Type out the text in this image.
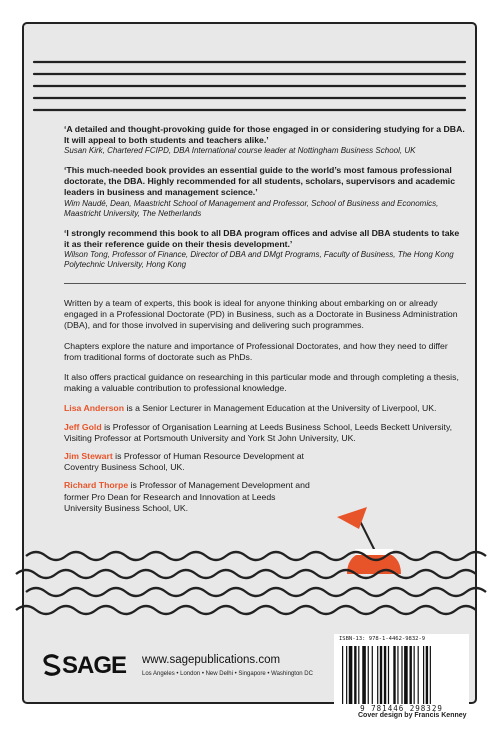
‘A detailed and thought-provoking guide for those engaged in or considering studying for a DBA. It will appeal to both students and teachers alike.’

Susan Kirk, Chartered FCIPD, DBA International course leader at Nottingham Business School, UK

‘This much-needed book provides an essential guide to the world’s most famous professional doctorate, the DBA. Highly recommended for all students, scholars, supervisors and academic leaders in business and management science.’

Wim Naudé, Dean, Maastricht School of Management and Professor, School of Business and Economics, Maastricht University, The Netherlands

‘I strongly recommend this book to all DBA program offices and advise all DBA students to take it as their reference guide on their thesis development.’

Wilson Tong, Professor of Finance, Director of DBA and DMgt Programs, Faculty of Business, The Hong Kong Polytechnic University, Hong Kong

Written by a team of experts, this book is ideal for anyone thinking about embarking on or already engaged in a Professional Doctorate (PD) in Business, such as a Doctorate in Business Administration (DBA), and for those involved in supervising and delivering such programmes.

Chapters explore the nature and importance of Professional Doctorates, and how they need to differ from traditional forms of doctorate such as PhDs.

It also offers practical guidance on researching in this particular mode and through completing a thesis, making a valuable contribution to professional knowledge.

Lisa Anderson is a Senior Lecturer in Management Education at the University of Liverpool, UK.

Jeff Gold is Professor of Organisation Learning at Leeds Business School, Leeds Beckett University, Visiting Professor at Portsmouth University and York St John University, UK.

Jim Stewart is Professor of Human Resource Development at Coventry Business School, UK.

Richard Thorpe is Professor of Management Development and former Pro Dean for Research and Innovation at Leeds University Business School, UK.

SAGE www.sagepublications.com
Los Angeles • London • New Delhi • Singapore • Washington DC
ISBN-13: 978-1-4462-9832-9
9 781446 298329
Cover design by Francis Kenney
